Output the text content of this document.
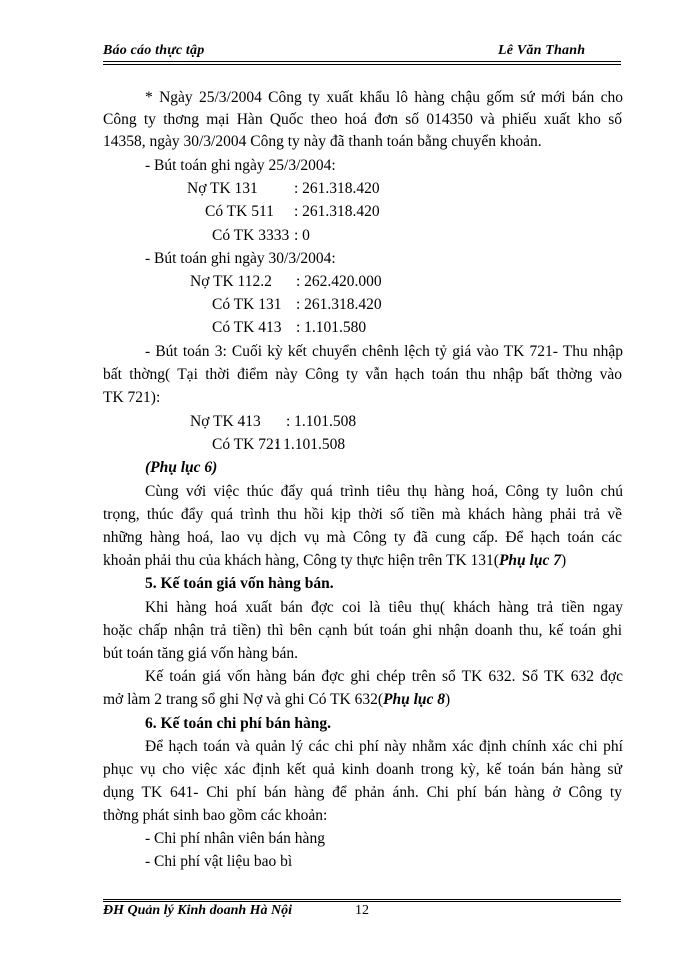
Báo cáo thực tập	Lê Văn Thanh
* Ngày 25/3/2004 Công ty xuất khẩu lô hàng chậu gốm sứ mới bán cho
Công ty thơng mại Hàn Quốc theo hoá đơn số 014350 và phiếu xuất kho số
14358, ngày 30/3/2004 Công ty này đã thanh toán bằng chuyển khoản.
- Bút toán ghi ngày 25/3/2004:
Nợ TK 131 : 261.318.420
Có TK 511 : 261.318.420
Có TK 3333 : 0
- Bút toán ghi ngày 30/3/2004:
Nợ TK 112.2 : 262.420.000
Có TK 131 : 261.318.420
Có TK 413 : 1.101.580
- Bút toán 3: Cuối kỳ kết chuyển chênh lệch tỷ giá vào TK 721- Thu nhập
bất thờng( Tại thời điểm này Công ty vẫn hạch toán thu nhập bất thờng vào
TK 721):
Nợ TK 413 : 1.101.508
Có TK 721
: 1.101.508
(Phụ lục 6)
Cùng với việc thúc đẩy quá trình tiêu thụ hàng hoá, Công ty luôn chú
trọng, thúc đẩy quá trình thu hồi kịp thời số tiền mà khách hàng phải trả về
những hàng hoá, lao vụ dịch vụ mà Công ty đã cung cấp. Để hạch toán các
khoản phải thu của khách hàng, Công ty thực hiện trên TK 131(Phụ lục 7)
5. Kế toán giá vốn hàng bán.
Khi hàng hoá xuất bán đợc coi là tiêu thụ( khách hàng trả tiền ngay
hoặc chấp nhận trả tiền) thì bên cạnh bút toán ghi nhận doanh thu, kế toán ghi
bút toán tăng giá vốn hàng bán.
Kế toán giá vốn hàng bán đợc ghi chép trên sổ TK 632. Sổ TK 632 đợc
mở làm 2 trang sổ ghi Nợ và ghi Có TK 632(Phụ lục 8)
6. Kế toán chi phí bán hàng.
Để hạch toán và quản lý các chi phí này nhằm xác định chính xác chi phí
phục vụ cho việc xác định kết quả kinh doanh trong kỳ, kế toán bán hàng sử
dụng TK 641- Chi phí bán hàng để phản ánh. Chi phí bán hàng ở Công ty
thờng phát sinh bao gồm các khoản:
- Chi phí nhân viên bán hàng
- Chi phí vật liệu bao bì
ĐH Quản lý Kinh doanh Hà Nội	12
